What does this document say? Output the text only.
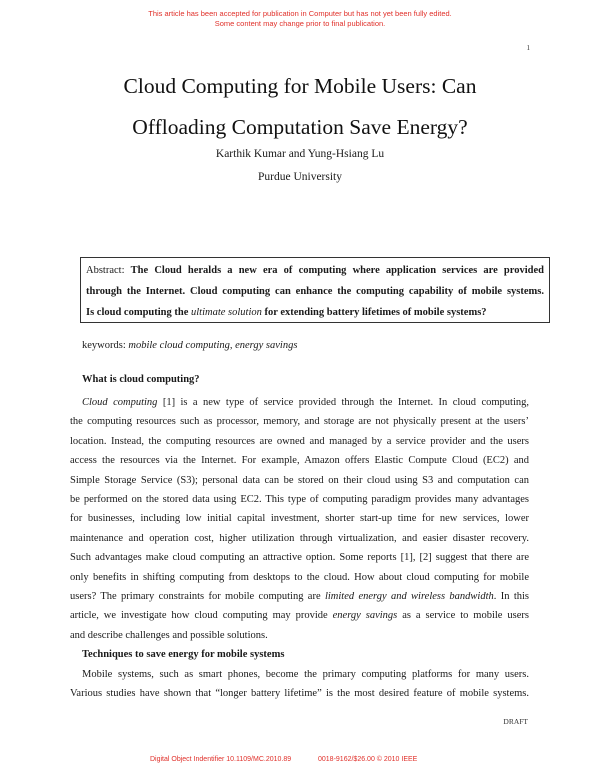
This article has been accepted for publication in Computer but has not yet been fully edited.
Some content may change prior to final publication.
1
Cloud Computing for Mobile Users: Can
Offloading Computation Save Energy?
Karthik Kumar and Yung-Hsiang Lu
Purdue University
Abstract: The Cloud heralds a new era of computing where application services are provided
through the Internet. Cloud computing can enhance the computing capability of mobile systems.
Is cloud computing the ultimate solution for extending battery lifetimes of mobile systems?
keywords: mobile cloud computing, energy savings
What is cloud computing?
Cloud computing [1] is a new type of service provided through the Internet. In cloud computing,
the computing resources such as processor, memory, and storage are not physically present at the users’
location. Instead, the computing resources are owned and managed by a service provider and the users
access the resources via the Internet. For example, Amazon offers Elastic Compute Cloud (EC2) and
Simple Storage Service (S3); personal data can be stored on their cloud using S3 and computation can
be performed on the stored data using EC2. This type of computing paradigm provides many advantages
for businesses, including low initial capital investment, shorter start-up time for new services, lower
maintenance and operation cost, higher utilization through virtualization, and easier disaster recovery.
Such advantages make cloud computing an attractive option. Some reports [1], [2] suggest that there are
only benefits in shifting computing from desktops to the cloud. How about cloud computing for mobile
users? The primary constraints for mobile computing are limited energy and wireless bandwidth. In this
article, we investigate how cloud computing may provide energy savings as a service to mobile users
and describe challenges and possible solutions.
Techniques to save energy for mobile systems
Mobile systems, such as smart phones, become the primary computing platforms for many users.
Various studies have shown that “longer battery lifetime” is the most desired feature of mobile systems.
DRAFT
Digital Object Indentifier 10.1109/MC.2010.89	0018-9162/$26.00 © 2010 IEEE
